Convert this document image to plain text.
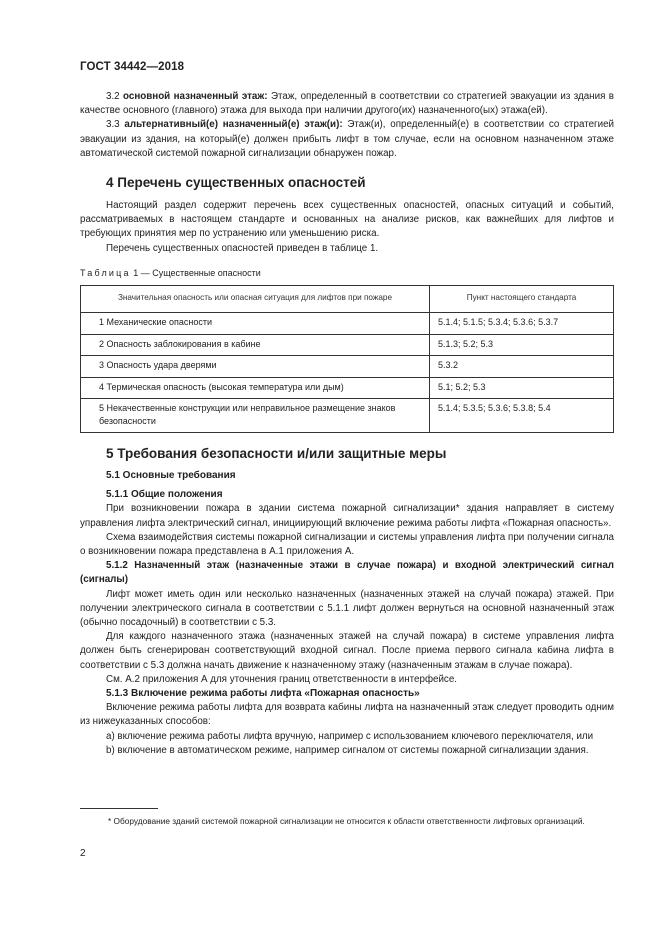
ГОСТ 34442—2018

3.2 основной назначенный этаж: Этаж, определенный в соответствии со стратегией эвакуации из здания в качестве основного (главного) этажа для выхода при наличии другого(их) назначенного(ых) этажа(ей).

3.3 альтернативный(е) назначенный(е) этаж(и): Этаж(и), определенный(е) в соответствии со стратегией эвакуации из здания, на который(е) должен прибыть лифт в том случае, если на основном назначенном этаже автоматической системой пожарной сигнализации обнаружен пожар.

4 Перечень существенных опасностей

Настоящий раздел содержит перечень всех существенных опасностей, опасных ситуаций и событий, рассматриваемых в настоящем стандарте и основанных на анализе рисков, как важнейших для лифтов и требующих принятия мер по устранению или уменьшению риска.

Перечень существенных опасностей приведен в таблице 1.

Таблица 1 — Существенные опасности
Значительная опасность или опасная ситуация для лифтов при пожаре	Пункт настоящего стандарта

1 Механические опасности	5.1.4; 5.1.5; 5.3.4; 5.3.6; 5.3.7

2 Опасность заблокирования в кабине	5.1.3; 5.2; 5.3

3 Опасность удара дверями	5.3.2

4 Термическая опасность (высокая температура или дым)	5.1; 5.2; 5.3

5 Некачественные конструкции или неправильное размещение знаков безопасности	5.1.4; 5.3.5; 5.3.6; 5.3.8; 5.4
5 Требования безопасности и/или защитные меры
5.1 Основные требования
5.1.1 Общие положения

При возникновении пожара в здании система пожарной сигнализации* здания направляет в систему управления лифта электрический сигнал, инициирующий включение режима работы лифта «Пожарная опасность».

Схема взаимодействия системы пожарной сигнализации и системы управления лифта при получении сигнала о возникновении пожара представлена в А.1 приложения А.

5.1.2 Назначенный этаж (назначенные этажи в случае пожара) и входной электрический сигнал (сигналы)

Лифт может иметь один или несколько назначенных (назначенных этажей на случай пожара) этажей. При получении электрического сигнала в соответствии с 5.1.1 лифт должен вернуться на основной назначенный этаж (обычно посадочный) в соответствии с 5.3.

Для каждого назначенного этажа (назначенных этажей на случай пожара) в системе управления лифта должен быть сгенерирован соответствующий входной сигнал. После приема первого сигнала кабина лифта в соответствии с 5.3 должна начать движение к назначенному этажу (назначенным этажам в случае пожара).

См. А.2 приложения А для уточнения границ ответственности в интерфейсе.

5.1.3 Включение режима работы лифта «Пожарная опасность»

Включение режима работы лифта для возврата кабины лифта на назначенный этаж следует проводить одним из нижеуказанных способов:

a) включение режима работы лифта вручную, например с использованием ключевого переключателя, или

b) включение в автоматическом режиме, например сигналом от системы пожарной сигнализации здания.

* Оборудование зданий системой пожарной сигнализации не относится к области ответственности лифтовых организаций.

2
